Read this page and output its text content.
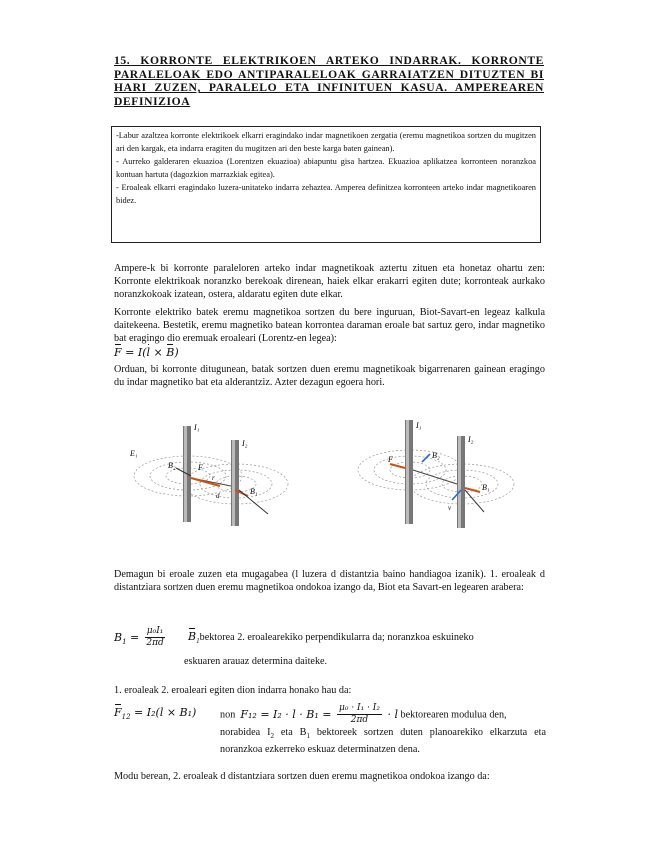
15. KORRONTE ELEKTRIKOEN ARTEKO INDARRAK. KORRONTE PARALELOAK EDO ANTIPARALELOAK GARRAIATZEN DITUZTEN BI HARI ZUZEN, PARALELO ETA INFINITUEN KASUA. AMPEREAREN DEFINIZIOA

-Labur azaltzea korronte elektrikoek elkarri eragindako indar magnetikoen zergatia (eremu magnetikoa sortzen du mugitzen ari den kargak, eta indarra eragiten du mugitzen ari den beste karga baten gainean).

- Aurreko galderaren ekuazioa (Lorentzen ekuazioa) abiapuntu gisa hartzea. Ekuazioa aplikatzea korronteen noranzkoa kontuan hartuta (dagozkion marrazkiak egitea).

- Eroaleak elkarri eragindako luzera-unitateko indarra zehaztea. Amperea definitzea korronteen arteko indar magnetikoaren bidez.

Ampere-k bi korronte paraleloren arteko indar magnetikoak aztertu zituen eta honetaz ohartu zen: Korronte elektrikoak noranzko berekoak direnean, haiek elkar erakarri egiten dute; korronteak aurkako noranzkokoak izatean, ostera, aldaratu egiten dute elkar.

Korronte elektriko batek eremu magnetikoa sortzen du bere inguruan, Biot-Savart-en legeaz kalkula daitekeena. Bestetik, eremu magnetiko batean korrontea daraman eroale bat sartuz gero, indar magnetiko bat eragingo dio eremuak eroaleari (Lorentz-en legea):
F = I(l × B)

Orduan, bi korronte ditugunean, batak sortzen duen eremu magnetikoak bigarrenaren gainean eragingo du indar magnetiko bat eta alderantziz. Azter dezagun egoera hori.

I₁
I₂
E₁
B₂	F
r
d	B₁
I₁
I₂
F	B₂
B₁
v

Demagun bi eroale zuzen eta mugagabea (l luzera d distantzia baino handiagoa izanik). 1. eroaleak d distantziara sortzen duen eremu magnetikoa ondokoa izango da, Biot eta Savart-en legearen arabera:

$B_1 = \frac{\text{μ₀I₁}}{2\pi d}$ $B_1bektorea$ 2. eroalearekiko perpendikularra da; noranzkoa eskuineko
eskuaren arauaz determina daiteke.

1. eroaleak 2. eroaleari egiten dion indarra honako hau da:

$F_{12} = I_2(l \times B_1)$ non $F_{12} = I_2 \cdot l \cdot B_1 = \frac{\text{μ₀ · I₁ · I₂}}{2\pi d} \cdot l$ bektorearen modulua den,
norabidea $I_2$ eta $B_1$ bektoreek sortzen duten planoarekiko elkarzuta eta noranzkoa ezkerreko eskuaz determinatzen dena.

Modu berean, 2. eroaleak d distantziara sortzen duen eremu magnetikoa ondokoa izango da:
